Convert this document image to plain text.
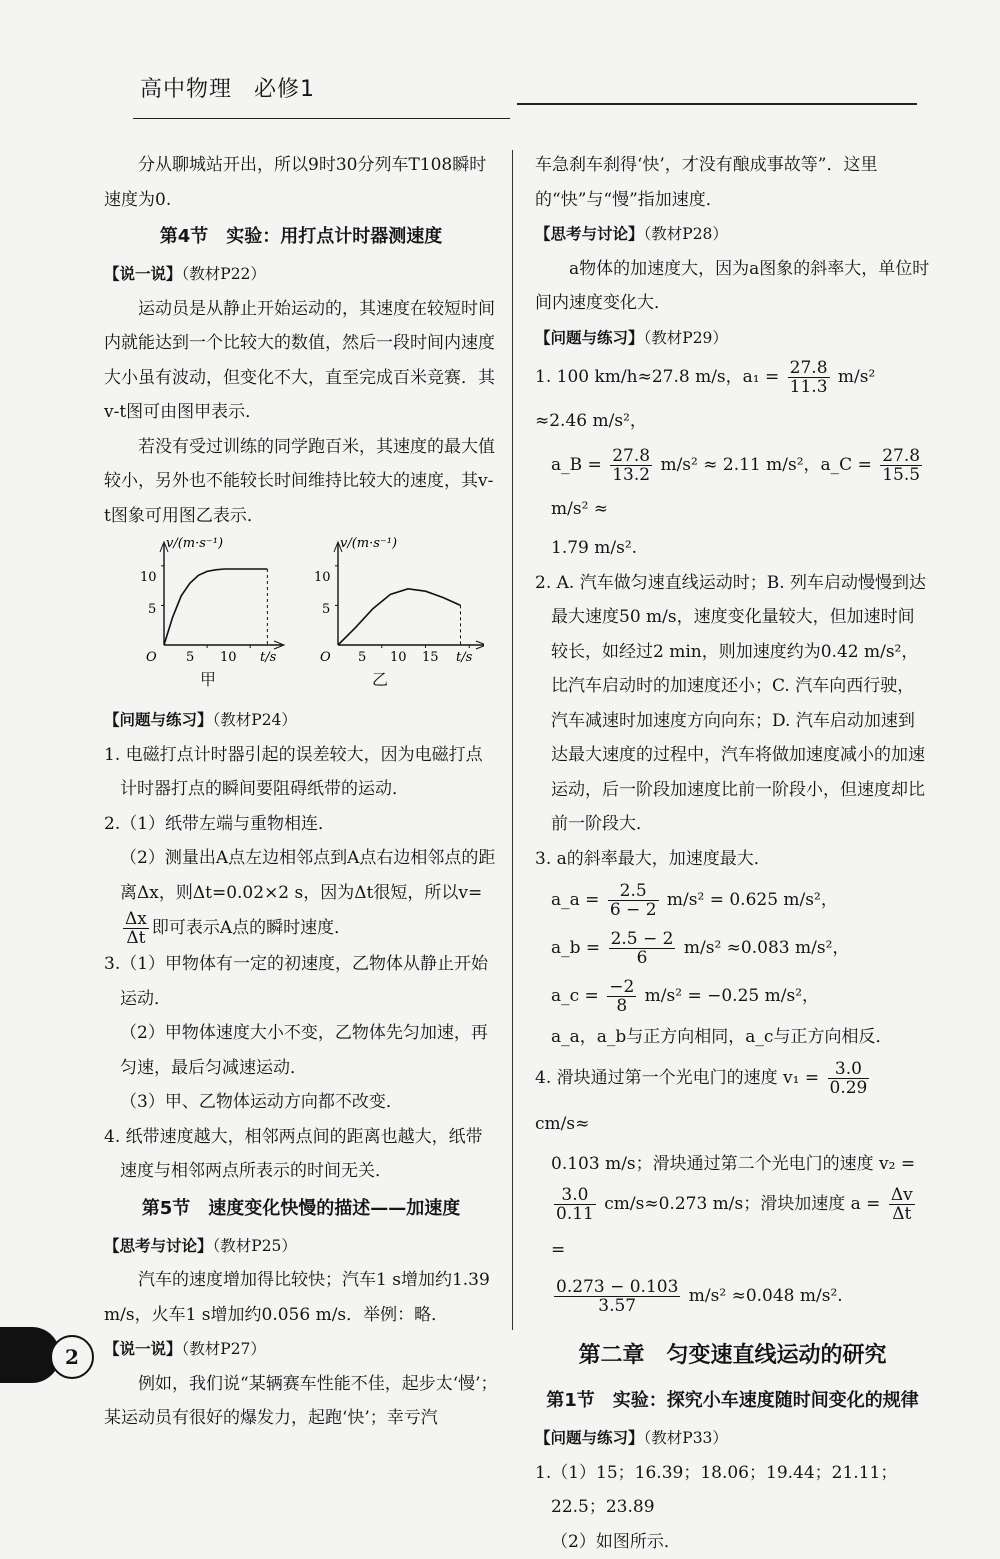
高中物理 必修1

分从聊城站开出，所以9时30分列车T108瞬时速度为0.

第4节　实验：用打点计时器测速度

【说一说】（教材P22）

运动员是从静止开始运动的，其速度在较短时间内就能达到一个比较大的数值，然后一段时间内速度大小虽有波动，但变化不大，直至完成百米竞赛．其v-t图可由图甲表示．

若没有受过训练的同学跑百米，其速度的最大值较小，另外也不能较长时间维持比较大的速度，其v-t图象可用图乙表示．

v/(m·s⁻¹)
t/s
O
10
5
5 10
v/(m·s⁻¹)
t/s
O
10
5
5 10 15
甲	乙

【问题与练习】（教材P24）

1. 电磁打点计时器引起的误差较大，因为电磁打点计时器打点的瞬间要阻碍纸带的运动．

2.（1）纸带左端与重物相连．

（2）测量出A点左边相邻点到A点右边相邻点的距离Δx，则Δt=0.02×2 s，因为Δt很短，所以v=
$\frac{\Delta x}{\Delta t}$ 即可表示A点的瞬时速度．

3.（1）甲物体有一定的初速度，乙物体从静止开始运动．

（2）甲物体速度大小不变，乙物体先匀加速，再匀速，最后匀减速运动．

（3）甲、乙物体运动方向都不改变．

4. 纸带速度越大，相邻两点间的距离也越大，纸带速度与相邻两点所表示的时间无关．

第5节　速度变化快慢的描述——加速度

【思考与讨论】（教材P25）

汽车的速度增加得比较快；汽车1 s增加约1.39 m/s，火车1 s增加约0.056 m/s．举例：略．

【说一说】（教材P27）

例如，我们说“某辆赛车性能不佳，起步太‘慢’；某运动员有很好的爆发力，起跑‘快’；幸亏汽

车急刹车刹得‘快’，才没有酿成事故等”．这里的“快”与“慢”指加速度．

【思考与讨论】（教材P28）

a物体的加速度大，因为a图象的斜率大，单位时间内速度变化大．

【问题与练习】（教材P29）

1. 100 km/h≈27.8 m/s，$a_1 = \frac{27.8}{11.3} m/s^2 \approx 2.46$ m/s²，

a_B = $\frac{27.8}{13.2} m/s^2 \approx 2.11$ m/s²，a_C = $\frac{27.8}{15.5}$
m/s² ≈

1.79 m/s².

2. A. 汽车做匀速直线运动时；B. 列车启动慢慢到达最大速度50 m/s，速度变化量较大，但加速时间较长，如经过2 min，则加速度约为0.42 m/s²，比汽车启动时的加速度还小；C. 汽车向西行驶，汽车减速时加速度方向向东；D. 汽车启动加速到达最大速度的过程中，汽车将做加速度减小的加速运动，后一阶段加速度比前一阶段小，但速度却比前一阶段大．

3. a的斜率最大，加速度最大．

a_a = $\frac{2.5}{6 - 2} m/s^2 = 0.625$ m/s²，

a_b = $\frac{2.5 - 2}{6} m/s^2 \approx 0.083$ m/s²，

a_c = $\frac{-2}{8} m/s^2 = -0.25$ m/s²，

a_a，a_b与正方向相同，a_c与正方向相反．

4. 滑块通过第一个光电门的速度 $v_1 = \frac{3.0}{0.29}$
cm/s≈

0.103 m/s；滑块通过第二个光电门的速度 v₂ =

$\frac{3.0}{0.11} cm/s\approx 0.273$ m/s；滑块加速度 $a = \frac{\Delta v}{\Delta t}$
=

$\frac{0.273 - 0.103}{3.57} m/s^2 \approx 0.048$ m/s².

第二章　匀变速直线运动的研究

第1节　实验：探究小车速度随时间变化的规律

【问题与练习】（教材P33）

1.（1）15；16.39；18.06；19.44；21.11；22.5；23.89

（2）如图所示．

2
